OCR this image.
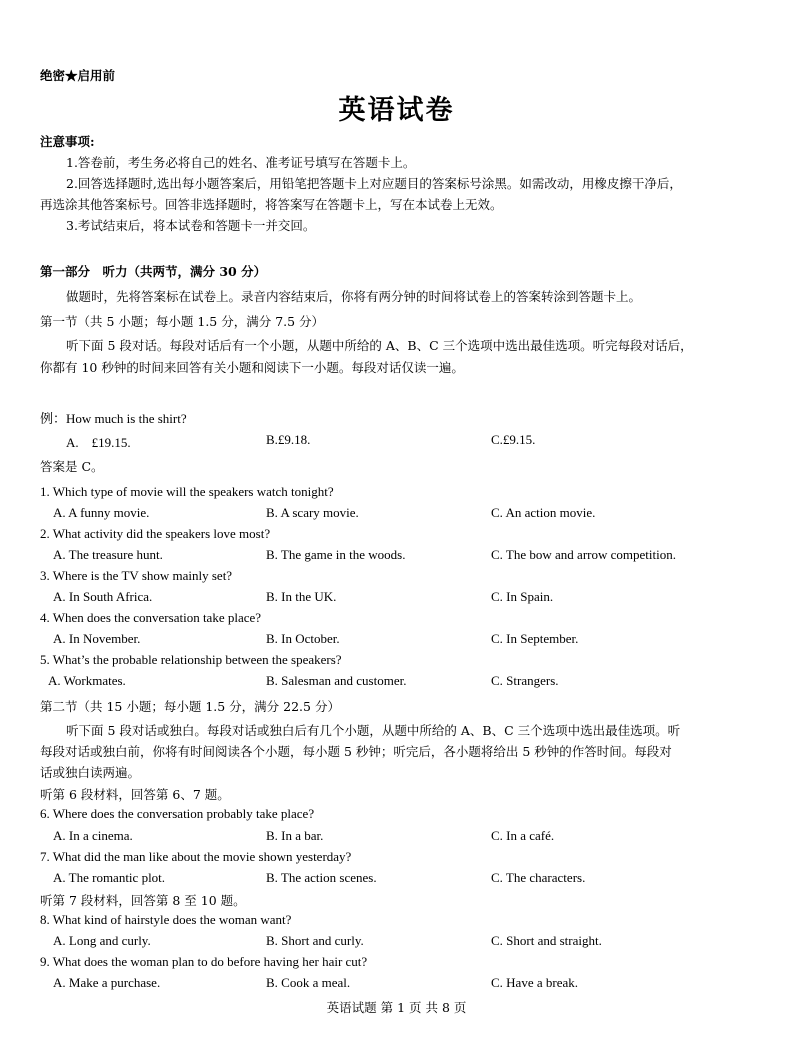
绝密★启用前
英语试卷
注意事项:
1.答卷前，考生务必将自己的姓名、准考证号填写在答题卡上。
2.回答选择题时,选出每小题答案后，用铅笔把答题卡上对应题目的答案标号涂黑。如需改动，用橡皮擦干净后，
再选涂其他答案标号。回答非选择题时，将答案写在答题卡上，写在本试卷上无效。
3.考试结束后，将本试卷和答题卡一并交回。
第一部分　听力（共两节，满分 30 分）
做题时，先将答案标在试卷上。录音内容结束后，你将有两分钟的时间将试卷上的答案转涂到答题卡上。
第一节（共 5 小题；每小题 1.5 分，满分 7.5 分）
听下面 5 段对话。每段对话后有一个小题，从题中所给的 A、B、C 三个选项中选出最佳选项。听完每段对话后，
你都有 10 秒钟的时间来回答有关小题和阅读下一小题。每段对话仅读一遍。
例：How much is the shirt?
A.　£19.15.	B.£9.18.	C.£9.15.
答案是 C。
1. Which type of movie will the speakers watch tonight?
A. A funny movie.	B. A scary movie.	C. An action movie.
2. What activity did the speakers love most?
A. The treasure hunt.	B. The game in the woods.	C. The bow and arrow competition.
3. Where is the TV show mainly set?
A. In South Africa.	B. In the UK.	C. In Spain.
4. When does the conversation take place?
A. In November.	B. In October.	C. In September.
5. What’s the probable relationship between the speakers?
A. Workmates.	B. Salesman and customer.	C. Strangers.
第二节（共 15 小题；每小题 1.5 分，满分 22.5 分）
听下面 5 段对话或独白。每段对话或独白后有几个小题，从题中所给的 A、B、C 三个选项中选出最佳选项。听
每段对话或独白前，你将有时间阅读各个小题，每小题 5 秒钟；听完后，各小题将给出 5 秒钟的作答时间。每段对
话或独白读两遍。
听第 6 段材料，回答第 6、7 题。
6. Where does the conversation probably take place?
A. In a cinema.	B. In a bar.	C. In a café.
7. What did the man like about the movie shown yesterday?
A. The romantic plot.	B. The action scenes.	C. The characters.
听第 7 段材料，回答第 8 至 10 题。
8. What kind of hairstyle does the woman want?
A. Long and curly.	B. Short and curly.	C. Short and straight.
9. What does the woman plan to do before having her hair cut?
A. Make a purchase.	B. Cook a meal.	C. Have a break.
英语试题 第 1 页 共 8 页
